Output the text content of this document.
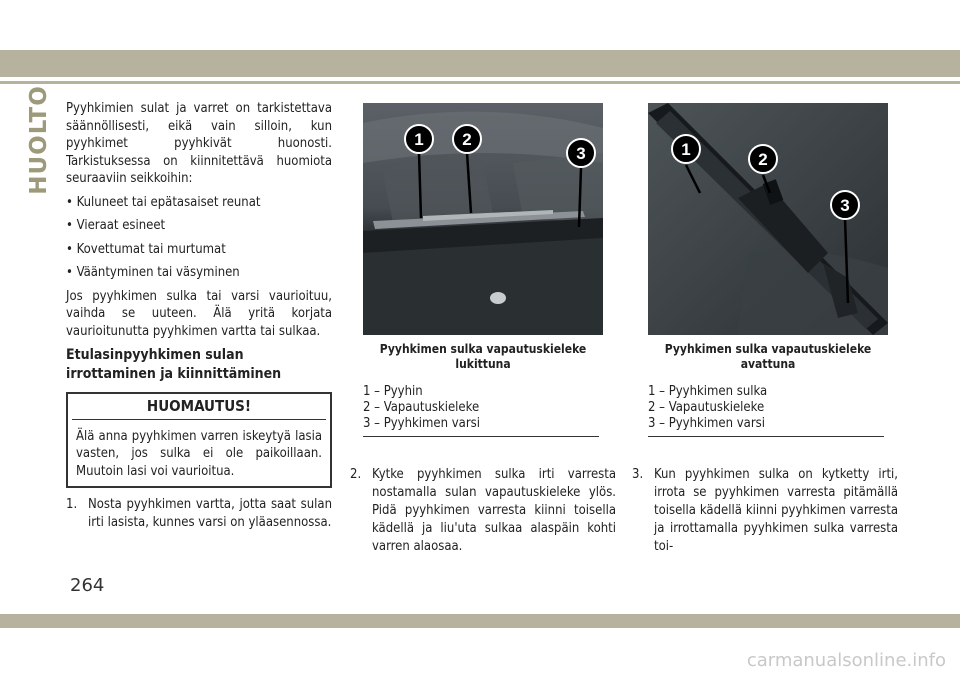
HUOLTO Pyyhkimien sulat ja varret on tarkistettava säännöllisesti, eikä vain silloin, kun pyyhkimet pyyhkivät huonosti. Tarkistuksessa on kiinnitettävä huomiota seuraaviin seikkoihin:

• Kuluneet tai epätasaiset reunat
• Vieraat esineet
• Kovettumat tai murtumat
• Vääntyminen tai väsyminen

Jos pyyhkimen sulka tai varsi vaurioituu, vaihda se uuteen. Älä yritä korjata vaurioitunutta pyyhkimen vartta tai sulkaa.

Etulasinpyyhkimen sulan irrottaminen ja kiinnittäminen
HUOMAUTUS!
Älä anna pyyhkimen varren iskeytyä lasia vasten, jos sulka ei ole paikoillaan. Muutoin lasi voi vaurioitua.
1. Nosta pyyhkimen vartta, jotta saat sulan irti lasista, kunnes varsi on yläasennossa.
1 2
3
Pyyhkimen sulka vapautuskieleke lukittuna
1 – Pyyhin
2 – Vapautuskieleke
3 – Pyyhkimen varsi
1
2
3
Pyyhkimen sulka vapautuskieleke avattuna
1 – Pyyhkimen sulka
2 – Vapautuskieleke
3 – Pyyhkimen varsi
2. Kytke pyyhkimen sulka irti varresta nostamalla sulan vapautuskieleke ylös. Pidä pyyhkimen varresta kiinni toisella kädellä ja liu'uta sulkaa alaspäin kohti varren alaosaa.
3. Kun pyyhkimen sulka on kytketty irti, irrota se pyyhkimen varresta pitämällä toisella kädellä kiinni pyyhkimen varresta ja irrottamalla pyyhkimen sulka varresta toi-
264
carmanualsonline.info
